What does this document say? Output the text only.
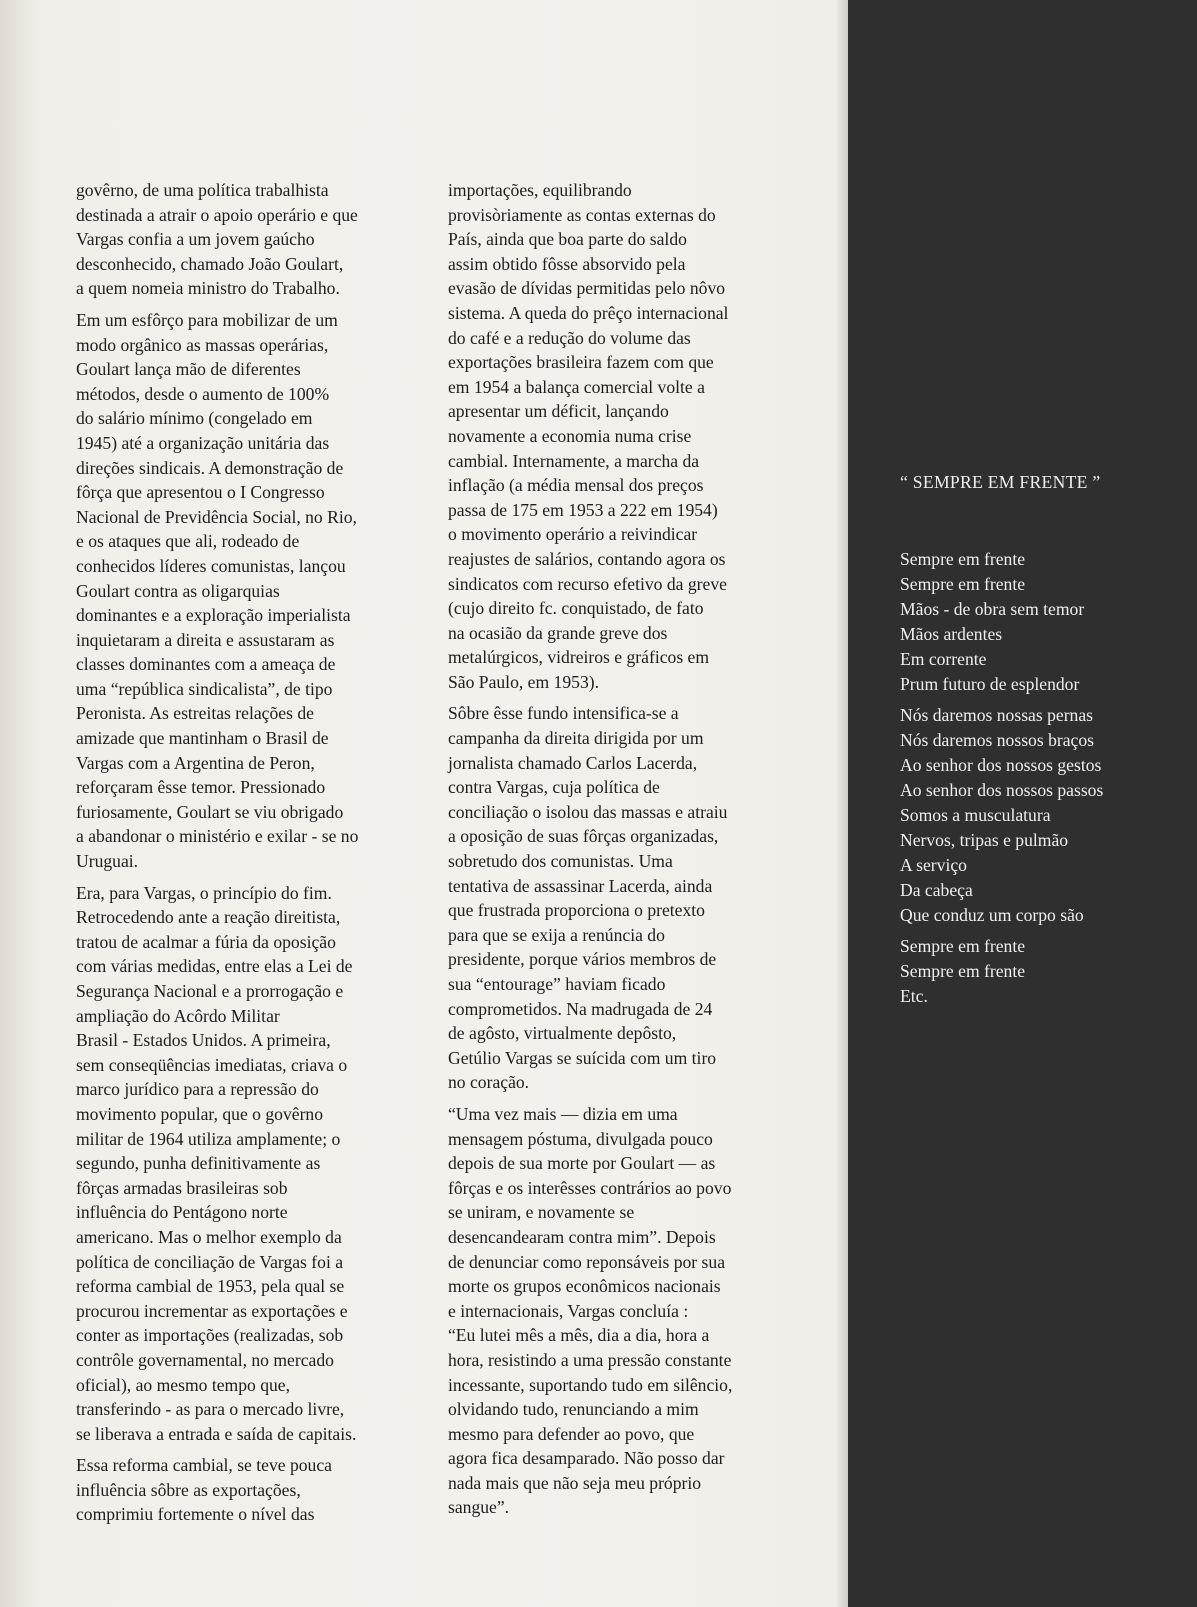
govêrno, de uma política trabalhista
destinada a atrair o apoio operário e que
Vargas confia a um jovem gaúcho
desconhecido, chamado João Goulart,
a quem nomeia ministro do Trabalho.

Em um esfôrço para mobilizar de um
modo orgânico as massas operárias,
Goulart lança mão de diferentes
métodos, desde o aumento de 100%
do salário mínimo (congelado em
1945) até a organização unitária das
direções sindicais. A demonstração de
fôrça que apresentou o I Congresso
Nacional de Previdência Social, no Rio,
e os ataques que ali, rodeado de
conhecidos líderes comunistas, lançou
Goulart contra as oligarquias
dominantes e a exploração imperialista
inquietaram a direita e assustaram as
classes dominantes com a ameaça de
uma “república sindicalista”, de tipo
Peronista. As estreitas relações de
amizade que mantinham o Brasil de
Vargas com a Argentina de Peron,
reforçaram êsse temor. Pressionado
furiosamente, Goulart se viu obrigado
a abandonar o ministério e exilar - se no
Uruguai.

Era, para Vargas, o princípio do fim.
Retrocedendo ante a reação direitista,
tratou de acalmar a fúria da oposição
com várias medidas, entre elas a Lei de
Segurança Nacional e a prorrogação e
ampliação do Acôrdo Militar
Brasil - Estados Unidos. A primeira,
sem conseqüências imediatas, criava o
marco jurídico para a repressão do
movimento popular, que o govêrno
militar de 1964 utiliza amplamente; o
segundo, punha definitivamente as
fôrças armadas brasileiras sob
influência do Pentágono norte
americano. Mas o melhor exemplo da
política de conciliação de Vargas foi a
reforma cambial de 1953, pela qual se
procurou incrementar as exportações e
conter as importações (realizadas, sob
contrôle governamental, no mercado
oficial), ao mesmo tempo que,
transferindo - as para o mercado livre,
se liberava a entrada e saída de capitais.

Essa reforma cambial, se teve pouca
influência sôbre as exportações,
comprimiu fortemente o nível das

importações, equilibrando
provisòriamente as contas externas do
País, ainda que boa parte do saldo
assim obtido fôsse absorvido pela
evasão de dívidas permitidas pelo nôvo
sistema. A queda do prêço internacional
do café e a redução do volume das
exportações brasileira fazem com que
em 1954 a balança comercial volte a
apresentar um déficit, lançando
novamente a economia numa crise
cambial. Internamente, a marcha da
inflação (a média mensal dos preços
passa de 175 em 1953 a 222 em 1954)
o movimento operário a reivindicar
reajustes de salários, contando agora os
sindicatos com recurso efetivo da greve
(cujo direito fc. conquistado, de fato
na ocasião da grande greve dos
metalúrgicos, vidreiros e gráficos em
São Paulo, em 1953).

Sôbre êsse fundo intensifica-se a
campanha da direita dirigida por um
jornalista chamado Carlos Lacerda,
contra Vargas, cuja política de
conciliação o isolou das massas e atraiu
a oposição de suas fôrças organizadas,
sobretudo dos comunistas. Uma
tentativa de assassinar Lacerda, ainda
que frustrada proporciona o pretexto
para que se exija a renúncia do
presidente, porque vários membros de
sua “entourage” haviam ficado
comprometidos. Na madrugada de 24
de agôsto, virtualmente depôsto,
Getúlio Vargas se suícida com um tiro
no coração.

“Uma vez mais — dizia em uma
mensagem póstuma, divulgada pouco
depois de sua morte por Goulart — as
fôrças e os interêsses contrários ao povo
se uniram, e novamente se
desencandearam contra mim”. Depois
de denunciar como reponsáveis por sua
morte os grupos econômicos nacionais
e internacionais, Vargas concluía :
“Eu lutei mês a mês, dia a dia, hora a
hora, resistindo a uma pressão constante
incessante, suportando tudo em silêncio,
olvidando tudo, renunciando a mim
mesmo para defender ao povo, que
agora fica desamparado. Não posso dar
nada mais que não seja meu próprio
sangue”.

“ SEMPRE EM FRENTE ”
Sempre em frente
Sempre em frente
Mãos - de obra sem temor
Mãos ardentes
Em corrente
Prum futuro de esplendor
Nós daremos nossas pernas
Nós daremos nossos braços
Ao senhor dos nossos gestos
Ao senhor dos nossos passos
Somos a musculatura
Nervos, tripas e pulmão
A serviço
Da cabeça
Que conduz um corpo são
Sempre em frente
Sempre em frente
Etc.
